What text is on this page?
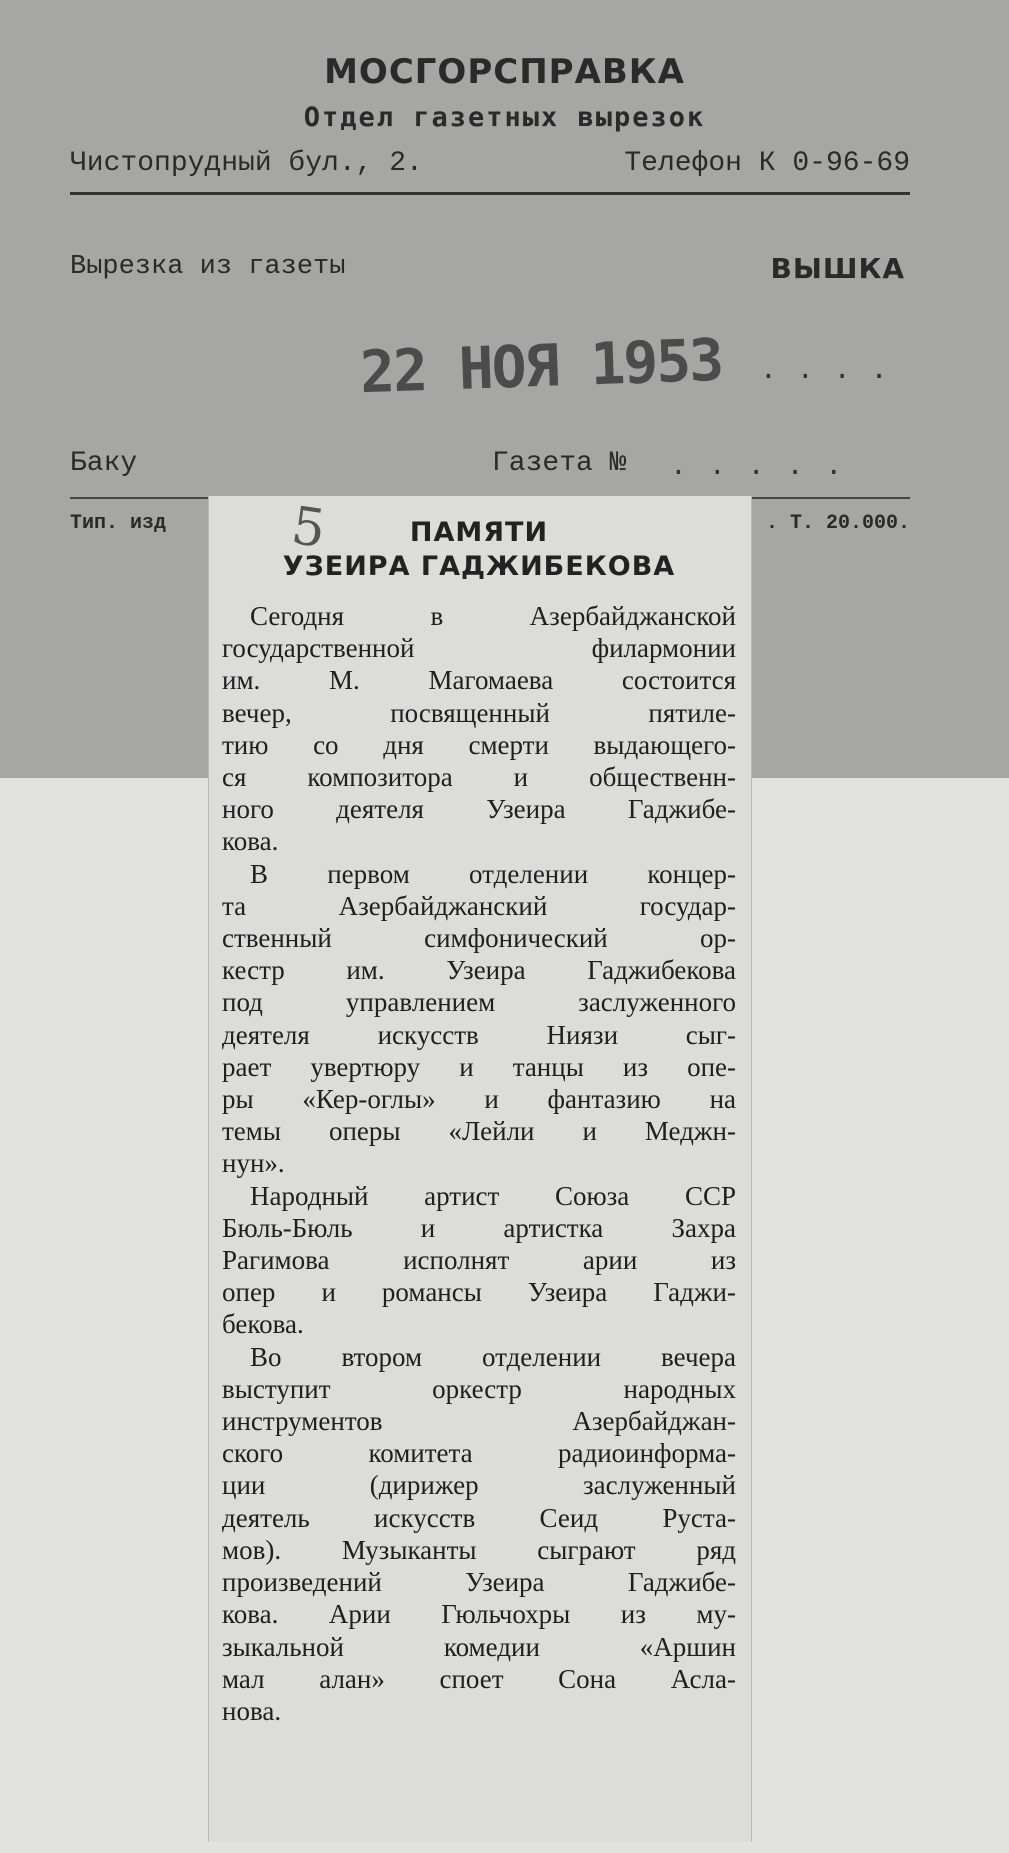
МОСГОРСПРАВКА
Отдел газетных вырезок
Чистопрудный бул., 2.	Телефон К 0-96-69
Вырезка из газеты	ВЫШКА
22 НОЯ 1953 ....
Баку	Газета № .....
Тип. изд	. Т. 20.000.
5	ПАМЯТИ
УЗЕИРА ГАДЖИБЕКОВА

Сегодня в Азербайджанской

государственной филармонии

им. М. Магомаева состоится

вечер, посвященный пятиле-

тию со дня смерти выдающего-

ся композитора и общественн-

ного деятеля Узеира Гаджибе-

кова.

В первом отделении концер-

та Азербайджанский государ-

ственный симфонический ор-

кестр им. Узеира Гаджибекова

под управлением заслуженного

деятеля искусств Ниязи сыг-

рает увертюру и танцы из опе-

ры «Кер-оглы» и фантазию на

темы оперы «Лейли и Меджн-

нун».

Народный артист Союза ССР

Бюль-Бюль и артистка Захра

Рагимова исполнят арии из

опер и романсы Узеира Гаджи-

бекова.

Во втором отделении вечера

выступит оркестр народных

инструментов Азербайджан-

ского комитета радиоинформа-

ции (дирижер заслуженный

деятель искусств Сеид Руста-

мов). Музыканты сыграют ряд

произведений Узеира Гаджибе-

кова. Арии Гюльчохры из му-

зыкальной комедии «Аршин

мал алан» споет Сона Асла-

нова.
